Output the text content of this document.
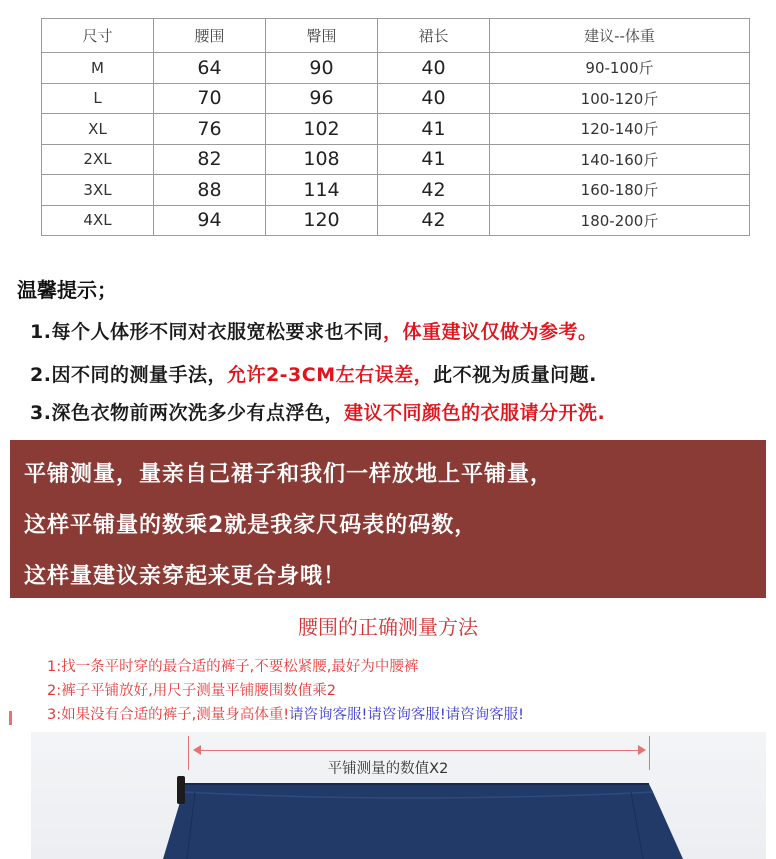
尺寸	腰围	臀围	裙长	建议--体重
M	64	90	40	90-100斤
L	70	96	40	100-120斤
XL	76	102	41	120-140斤
2XL	82	108	41	140-160斤
3XL	88	114	42	160-180斤
4XL	94	120	42	180-200斤
温馨提示；
1.每个人体形不同对衣服宽松要求也不同，体重建议仅做为参考。
2.因不同的测量手法，允许2-3CM左右误差，此不视为质量问题.
3.深色衣物前两次洗多少有点浮色，建议不同颜色的衣服请分开洗.
平铺测量，量亲自己裙子和我们一样放地上平铺量，
这样平铺量的数乘2就是我家尺码表的码数，
这样量建议亲穿起来更合身哦！
腰围的正确测量方法
1:找一条平时穿的最合适的裤子,不要松紧腰,最好为中腰裤
2:裤子平铺放好,用尺子测量平铺腰围数值乘2
3:如果没有合适的裤子,测量身高体重!请咨询客服!请咨询客服!请咨询客服!
平铺测量的数值X2
